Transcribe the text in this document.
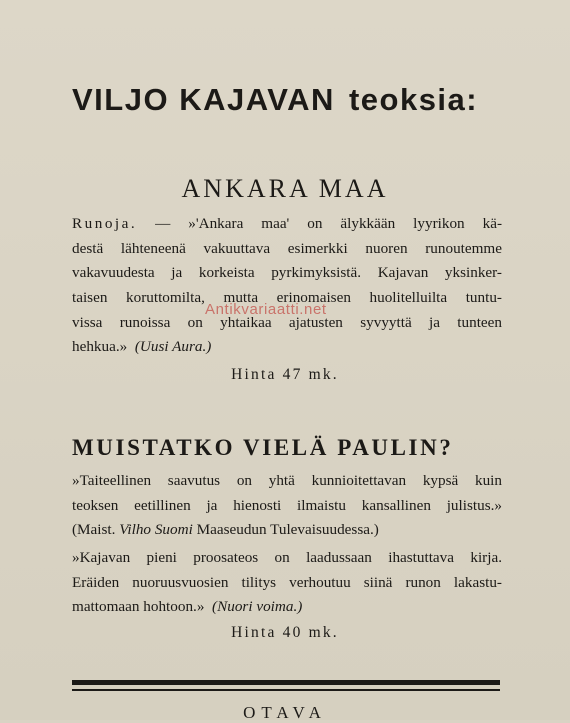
VILJO KAJAVAN teoksia:
ANKARA MAA
Runoja. — »'Ankara maa' on älykkään lyyrikon kä-
destä lähteneenä vakuuttava esimerkki nuoren runoutemme
vakavuudesta ja korkeista pyrkimyksistä. Kajavan yksinker-
taisen koruttomilta, mutta erinomaisen huolitelluilta tuntu-
vissa runoissa on yhtaikaa ajatusten syvyyttä ja tunteen
hehkua.» (Uusi Aura.)
Hinta 47 mk.
MUISTATKO VIELÄ PAULIN?
»Taiteellinen saavutus on yhtä kunnioitettavan kypsä kuin
teoksen eetillinen ja hienosti ilmaistu kansallinen julistus.»
(Maist. Vilho Suomi Maaseudun Tulevaisuudessa.)
»Kajavan pieni proosateos on laadussaan ihastuttava kirja.
Eräiden nuoruusvuosien tilitys verhoutuu siinä runon lakastu-
mattomaan hohtoon.» (Nuori voima.)
Hinta 40 mk.
OTAVA
Antikvariaatti.net
